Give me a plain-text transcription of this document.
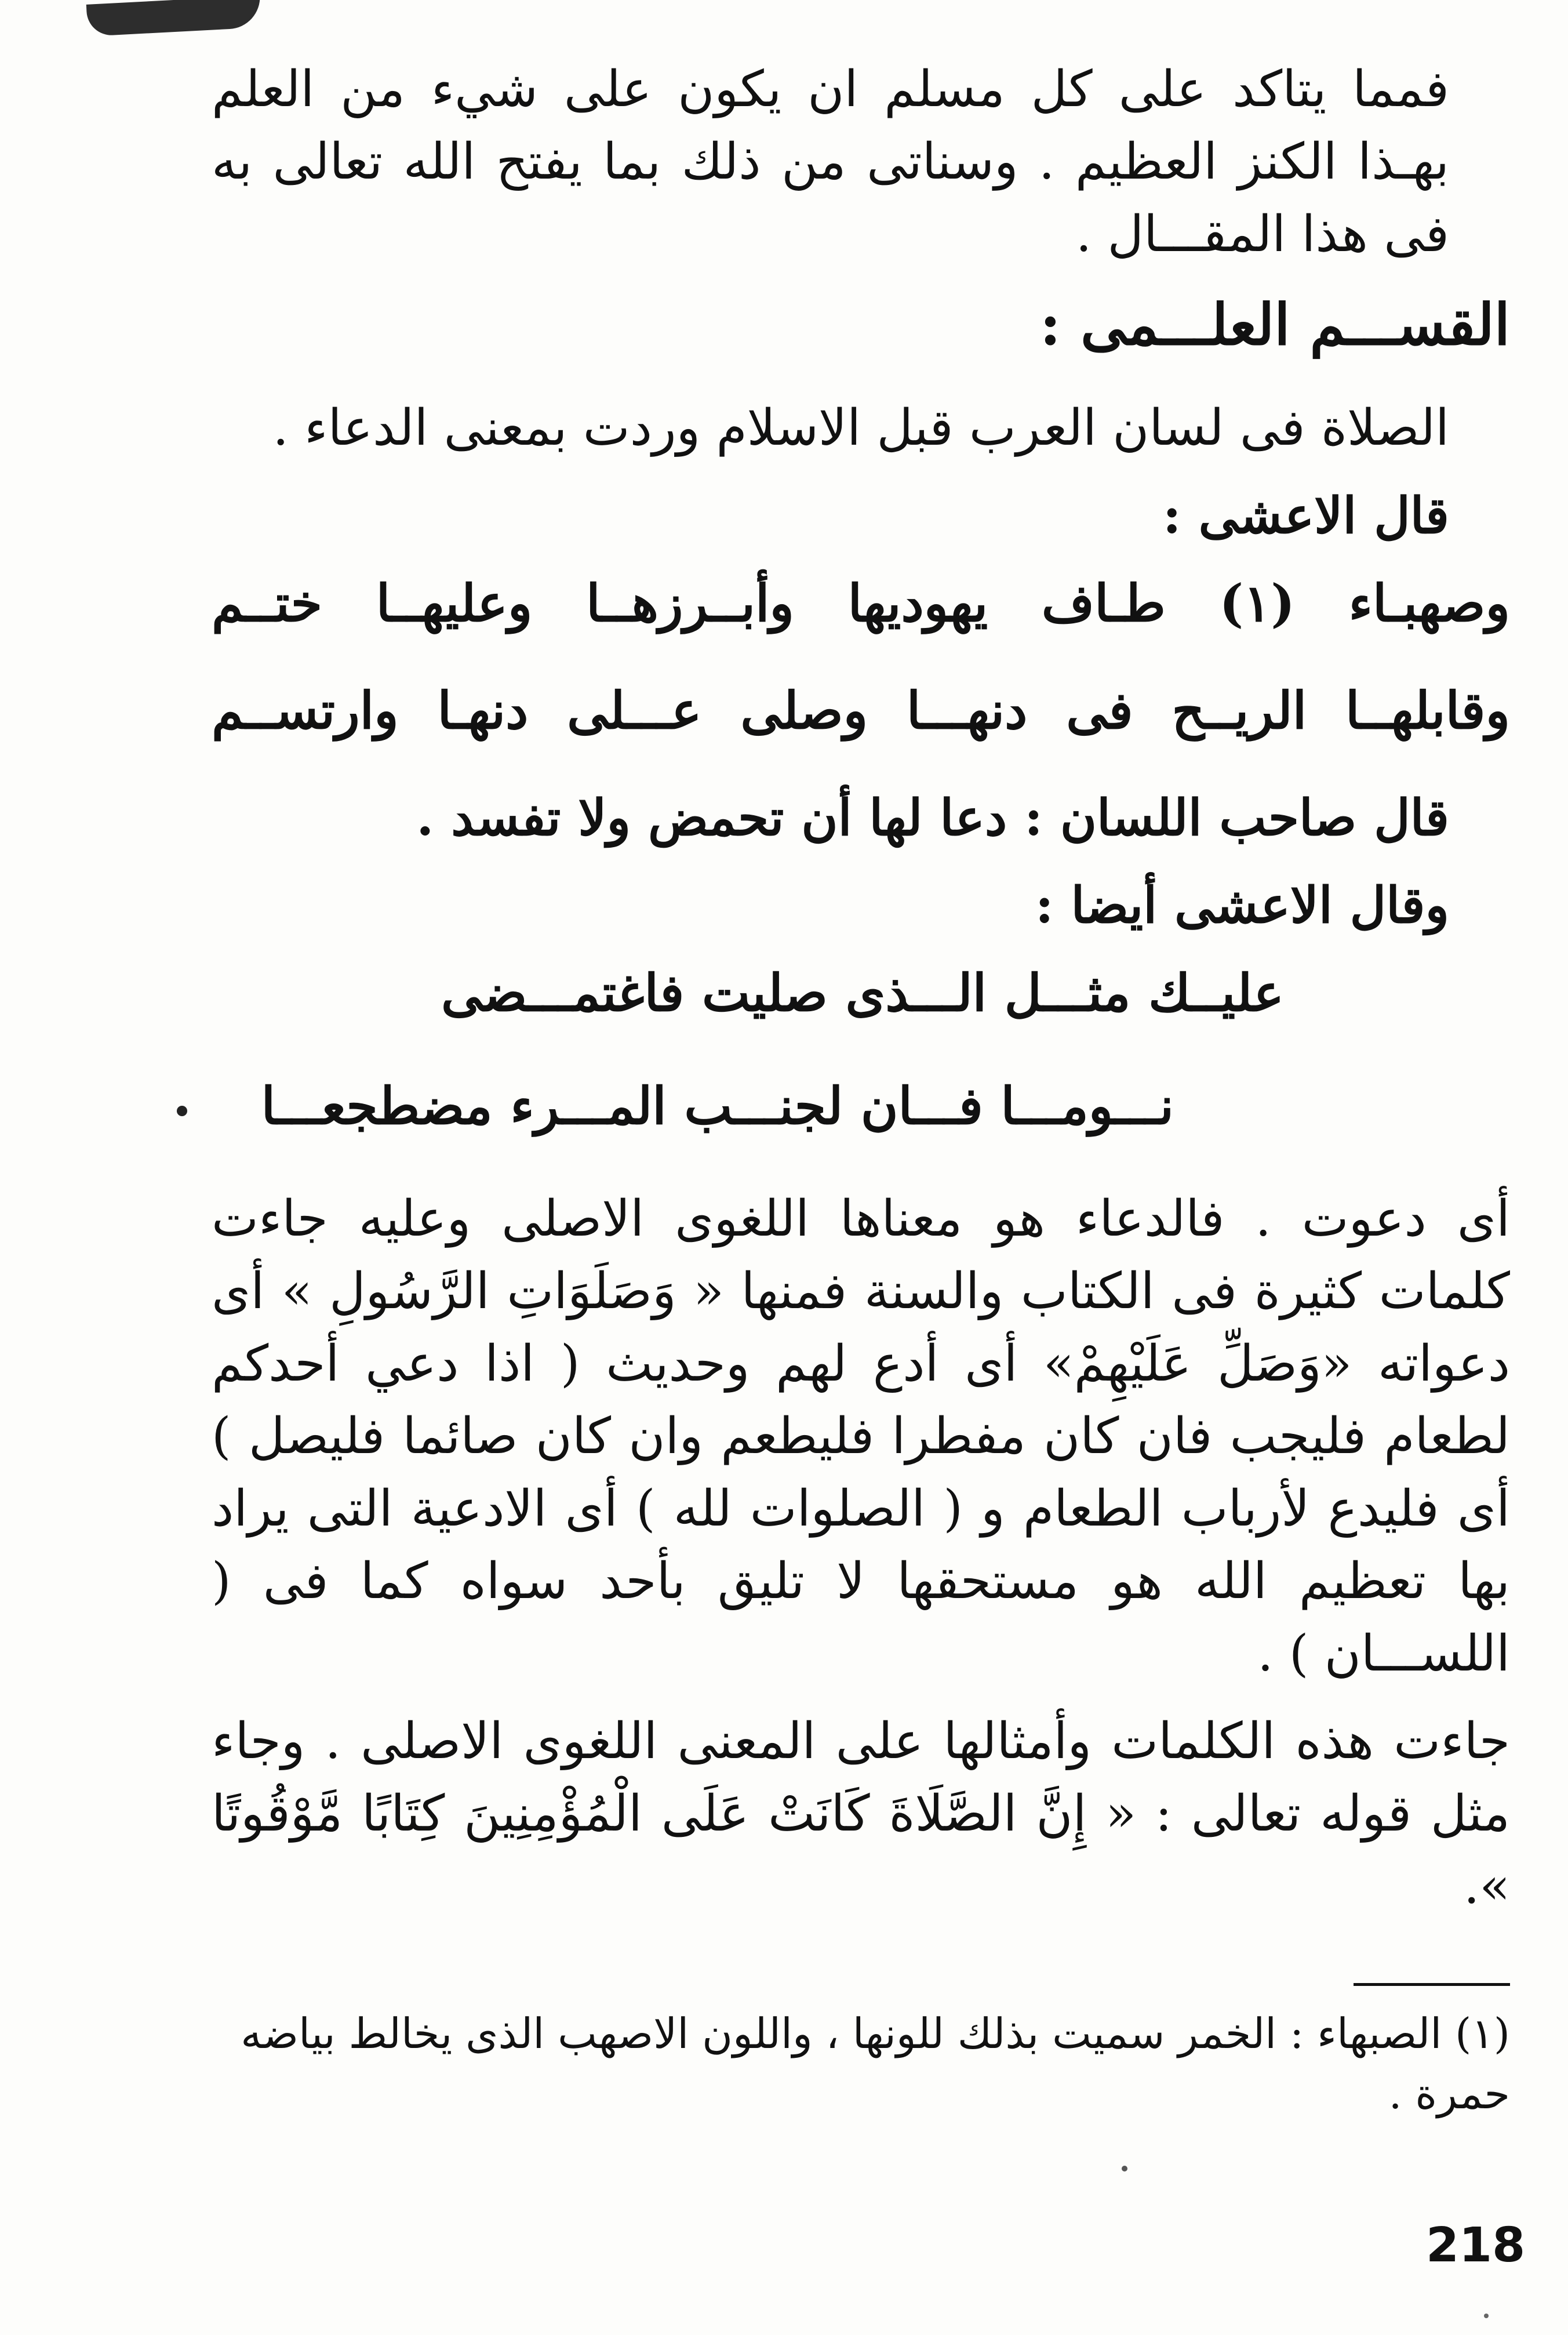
فمما يتاكد على كل مسلم ان يكون على شيء من العلم بهـذا الكنز العظيم . وسناتى من ذلك بما يفتح الله تعالى به فى هذا المقـــال .

القســـم العلـــمى :

الصلاة فى لسان العرب قبل الاسلام وردت بمعنى الدعاء .

قال الاعشى :

وصهبـاء (١) طـاف يهوديها وأبــرزهــا وعليهــا ختــم
وقابلهــا الريــح فى دنهـــا وصلى عـــلى دنهـا وارتســم

قال صاحب اللسان : دعا لها أن تحمض ولا تفسد .

وقال الاعشى أيضا :

عليــك مثـــل الـــذى صليت فاغتمـــضى
نـــومـــا فـــان لجنـــب المـــرء مضطجعـــا

أى دعوت . فالدعاء هو معناها اللغوى الاصلى وعليه جاءت كلمات كثيرة فى الكتاب والسنة فمنها « وَصَلَوَاتِ الرَّسُولِ » أى دعواته «وَصَلِّ عَلَيْهِمْ» أى أدع لهم وحديث ( اذا دعي أحدكم لطعام فليجب فان كان مفطرا فليطعم وان كان صائما فليصل ) أى فليدع لأرباب الطعام و ( الصلوات لله ) أى الادعية التى يراد بها تعظيم الله هو مستحقها لا تليق بأحد سواه كما فى ( اللســـان ) .

جاءت هذه الكلمات وأمثالها على المعنى اللغوى الاصلى . وجاء مثل قوله تعالى : « إِنَّ الصَّلَاةَ كَانَتْ عَلَى الْمُؤْمِنِينَ كِتَابًا مَّوْقُوتًا ».

(١) الصبهاء : الخمر سميت بذلك للونها ، واللون الاصهب الذى يخالط بياضه حمرة .

218
